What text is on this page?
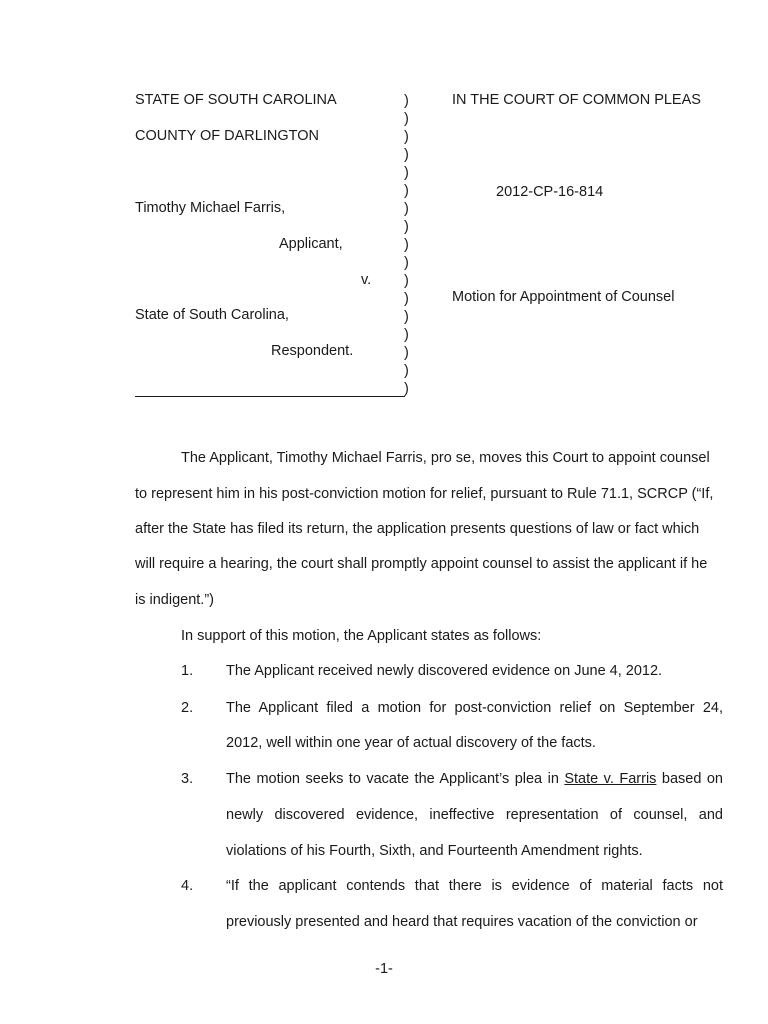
STATE OF SOUTH CAROLINA
COUNTY OF DARLINGTON
Timothy Michael Farris,
Applicant,
v.
State of South Carolina,
Respondent.
)
)
)
)
)
)
)
)
)
)
)
)
)
)
)
)
)
IN THE COURT OF COMMON PLEAS
2012-CP-16-814
Motion for Appointment of Counsel
The Applicant, Timothy Michael Farris, pro se, moves this Court to appoint counsel
to represent him in his post-conviction motion for relief, pursuant to Rule 71.1, SCRCP (“If,
after the State has filed its return, the application presents questions of law or fact which
will require a hearing, the court shall promptly appoint counsel to assist the applicant if he
is indigent.”)
In support of this motion, the Applicant states as follows:
1. The Applicant received newly discovered evidence on June 4, 2012.
2. The Applicant filed a motion for post-conviction relief on September 24,
2012, well within one year of actual discovery of the facts.
3. The motion seeks to vacate the Applicant’s plea in State v. Farris based on
newly discovered evidence, ineffective representation of counsel, and
violations of his Fourth, Sixth, and Fourteenth Amendment rights.
4. “If the applicant contends that there is evidence of material facts not
previously presented and heard that requires vacation of the conviction or
-1-
